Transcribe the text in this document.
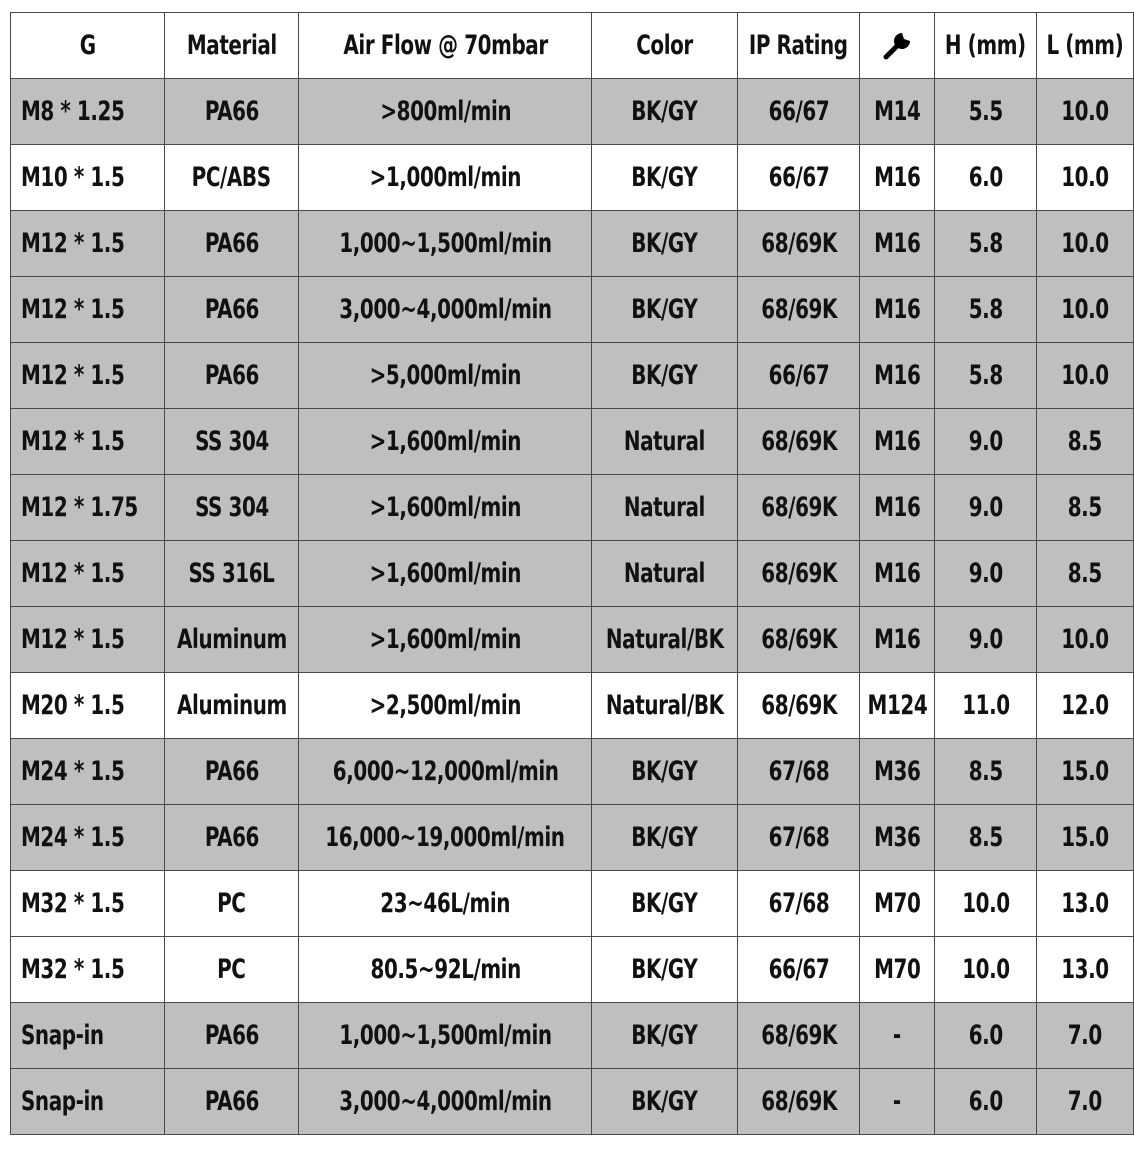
G	Material	Air Flow @ 70mbar	Color	IP Rating		H (mm)	L (mm)
M8 * 1.25	PA66	>800ml/min	BK/GY	66/67	M14	5.5	10.0
M10 * 1.5	PC/ABS	>1,000ml/min	BK/GY	66/67	M16	6.0	10.0
M12 * 1.5	PA66	1,000~1,500ml/min	BK/GY	68/69K	M16	5.8	10.0
M12 * 1.5	PA66	3,000~4,000ml/min	BK/GY	68/69K	M16	5.8	10.0
M12 * 1.5	PA66	>5,000ml/min	BK/GY	66/67	M16	5.8	10.0
M12 * 1.5	SS 304	>1,600ml/min	Natural	68/69K	M16	9.0	8.5
M12 * 1.75	SS 304	>1,600ml/min	Natural	68/69K	M16	9.0	8.5
M12 * 1.5	SS 316L	>1,600ml/min	Natural	68/69K	M16	9.0	8.5
M12 * 1.5	Aluminum	>1,600ml/min	Natural/BK	68/69K	M16	9.0	10.0
M20 * 1.5	Aluminum	>2,500ml/min	Natural/BK	68/69K	M124	11.0	12.0
M24 * 1.5	PA66	6,000~12,000ml/min	BK/GY	67/68	M36	8.5	15.0
M24 * 1.5	PA66	16,000~19,000ml/min	BK/GY	67/68	M36	8.5	15.0
M32 * 1.5	PC	23~46L/min	BK/GY	67/68	M70	10.0	13.0
M32 * 1.5	PC	80.5~92L/min	BK/GY	66/67	M70	10.0	13.0
Snap-in	PA66	1,000~1,500ml/min	BK/GY	68/69K	-	6.0	7.0
Snap-in	PA66	3,000~4,000ml/min	BK/GY	68/69K	-	6.0	7.0
